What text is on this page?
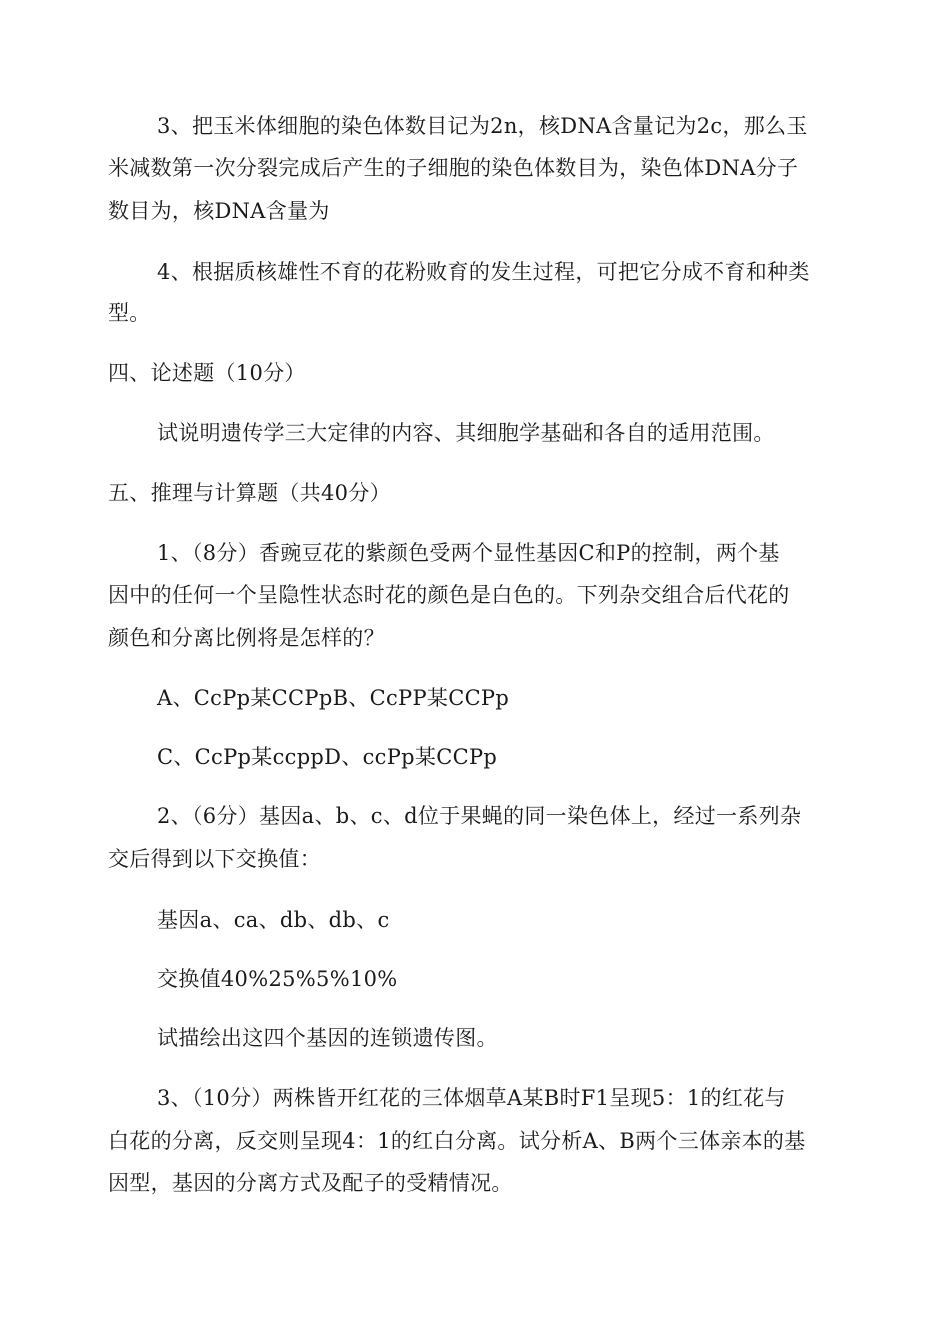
3、把玉米体细胞的染色体数目记为2n，核DNA含量记为2c，那么玉
米减数第一次分裂完成后产生的子细胞的染色体数目为，染色体DNA分子
数目为，核DNA含量为
4、根据质核雄性不育的花粉败育的发生过程，可把它分成不育和种类
型。
四、论述题（10分）
试说明遗传学三大定律的内容、其细胞学基础和各自的适用范围。
五、推理与计算题（共40分）
1、（8分）香豌豆花的紫颜色受两个显性基因C和P的控制，两个基
因中的任何一个呈隐性状态时花的颜色是白色的。下列杂交组合后代花的
颜色和分离比例将是怎样的？
A、CcPp某CCPpB、CcPP某CCPp
C、CcPp某ccppD、ccPp某CCPp
2、（6分）基因a、b、c、d位于果蝇的同一染色体上，经过一系列杂
交后得到以下交换值：
基因a、ca、db、db、c
交换值40%25%5%10%
试描绘出这四个基因的连锁遗传图。
3、（10分）两株皆开红花的三体烟草A某B时F1呈现5：1的红花与
白花的分离，反交则呈现4：1的红白分离。试分析A、B两个三体亲本的基
因型，基因的分离方式及配子的受精情况。
